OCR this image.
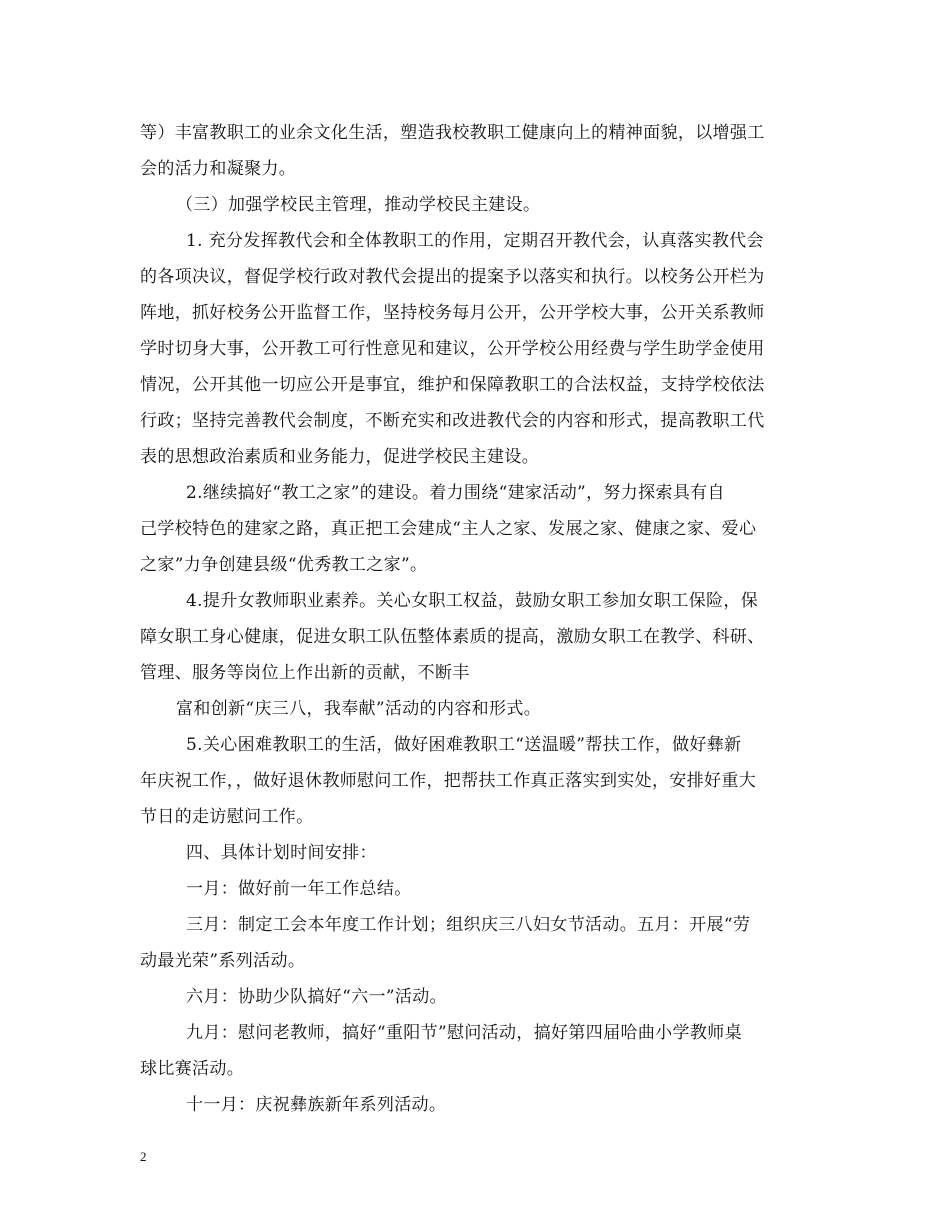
等）丰富教职工的业余文化生活，塑造我校教职工健康向上的精神面貌，以增强工
会的活力和凝聚力。
（三）加强学校民主管理，推动学校民主建设。
1. 充分发挥教代会和全体教职工的作用，定期召开教代会，认真落实教代会
的各项决议，督促学校行政对教代会提出的提案予以落实和执行。以校务公开栏为
阵地，抓好校务公开监督工作，坚持校务每月公开，公开学校大事，公开关系教师
学时切身大事，公开教工可行性意见和建议，公开学校公用经费与学生助学金使用
情况，公开其他一切应公开是事宜，维护和保障教职工的合法权益，支持学校依法
行政；坚持完善教代会制度，不断充实和改进教代会的内容和形式，提高教职工代
表的思想政治素质和业务能力，促进学校民主建设。
2.继续搞好“教工之家”的建设。着力围绕“建家活动”，努力探索具有自
己学校特色的建家之路，真正把工会建成“主人之家、发展之家、健康之家、爱心
之家”力争创建县级“优秀教工之家”。
4.提升女教师职业素养。关心女职工权益，鼓励女职工参加女职工保险，保
障女职工身心健康，促进女职工队伍整体素质的提高，激励女职工在教学、科研、
管理、服务等岗位上作出新的贡献，不断丰
富和创新“庆三八，我奉献”活动的内容和形式。
5.关心困难教职工的生活，做好困难教职工“送温暖”帮扶工作，做好彝新
年庆祝工作，，做好退休教师慰问工作，把帮扶工作真正落实到实处，安排好重大
节日的走访慰问工作。
四、具体计划时间安排：
一月：做好前一年工作总结。
三月：制定工会本年度工作计划；组织庆三八妇女节活动。五月：开展“劳
动最光荣”系列活动。
六月：协助少队搞好“六一”活动。
九月：慰问老教师，搞好“重阳节”慰问活动，搞好第四届哈曲小学教师桌
球比赛活动。
十一月：庆祝彝族新年系列活动。
2
